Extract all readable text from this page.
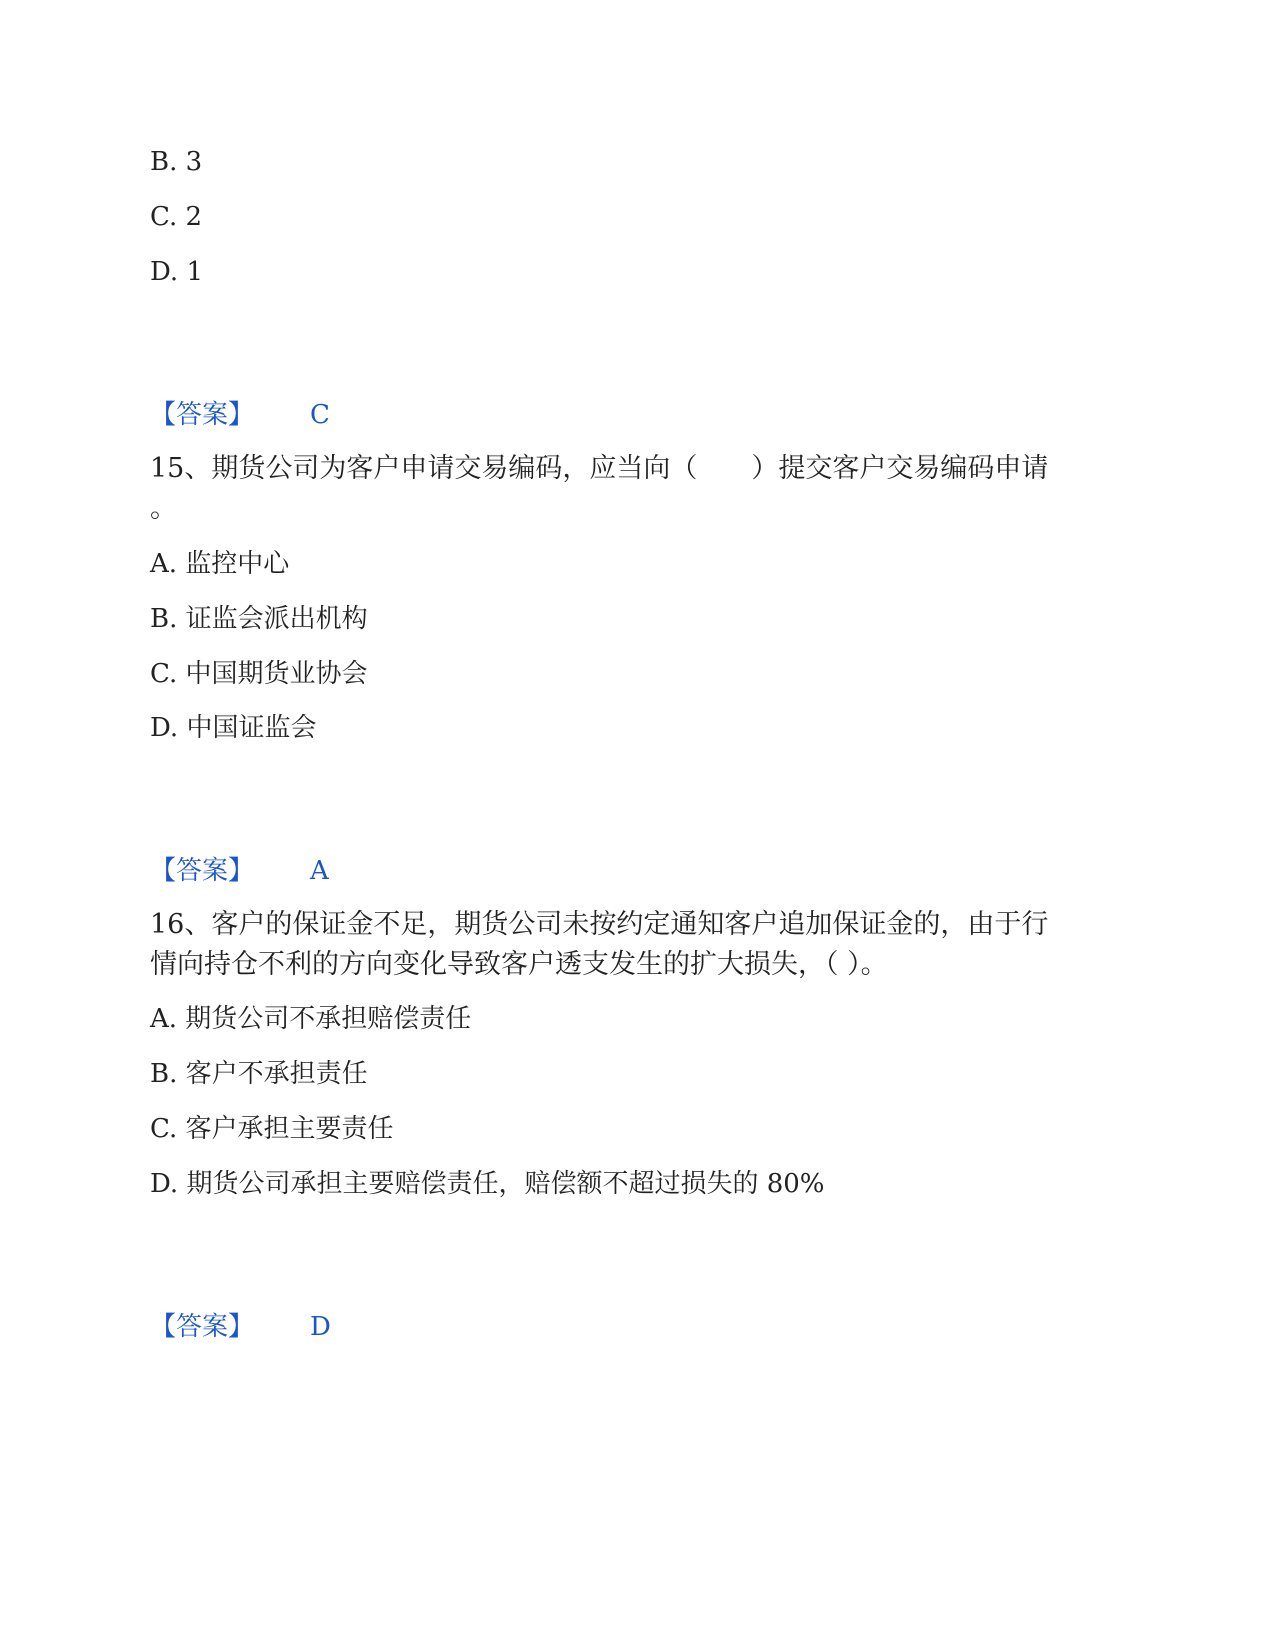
B. 3
C. 2
D. 1
【答案】 C
15、期货公司为客户申请交易编码，应当向（　　）提交客户交易编码申请
。
A. 监控中心
B. 证监会派出机构
C. 中国期货业协会
D. 中国证监会
【答案】 A
16、客户的保证金不足，期货公司未按约定通知客户追加保证金的，由于行
情向持仓不利的方向变化导致客户透支发生的扩大损失，（ ）。
A. 期货公司不承担赔偿责任
B. 客户不承担责任
C. 客户承担主要责任
D. 期货公司承担主要赔偿责任，赔偿额不超过损失的 80%
【答案】 D
